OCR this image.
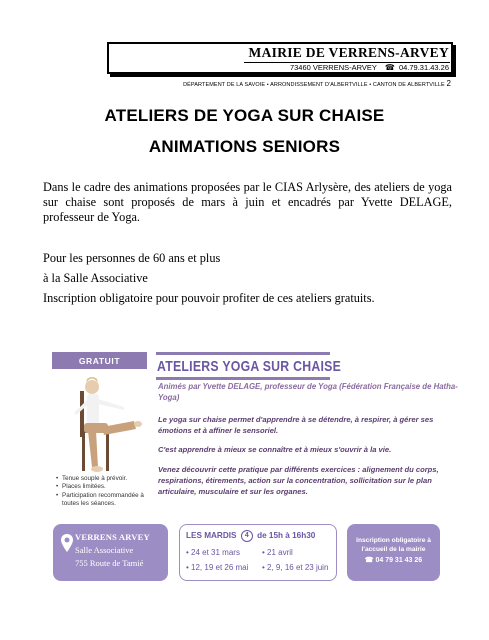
MAIRIE DE VERRENS-ARVEY
73460 VERRENS-ARVEY ☎ 04.79.31.43.26
DÉPARTEMENT DE LA SAVOIE • ARRONDISSEMENT D'ALBERTVILLE • CANTON DE ALBERTVILLE 2
ATELIERS DE YOGA SUR CHAISE
ANIMATIONS SENIORS
Dans le cadre des animations proposées par le CIAS Arlysère, des ateliers de yoga sur chaise sont proposés de mars à juin et encadrés par Yvette DELAGE, professeur de Yoga.
Pour les personnes de 60 ans et plus
à la Salle Associative
Inscription obligatoire pour pouvoir profiter de ces ateliers gratuits.
GRATUIT
• Tenue souple à prévoir.
• Places limitées.
• Participation recommandée à toutes les séances.
ATELIERS YOGA SUR CHAISE
Animés par Yvette DELAGE, professeur de Yoga (Fédération Française de Hatha-Yoga)
Le yoga sur chaise permet d'apprendre à se détendre, à respirer, à gérer ses émotions et à affiner le sensoriel.
C'est apprendre à mieux se connaître et à mieux s'ouvrir à la vie.
Venez découvrir cette pratique par différents exercices : alignement du corps, respirations, étirements, action sur la concentration, sollicitation sur le plan articulaire, musculaire et sur les organes.
VERRENS ARVEY
Salle Associative
755 Route de Tamié
LES MARDIS 4 de 15h à 16h30
• 24 et 31 mars	• 21 avril
• 12, 19 et 26 mai • 2, 9, 16 et 23 juin
Inscription obligatoire à l'accueil de la mairie
☎ 04 79 31 43 26
